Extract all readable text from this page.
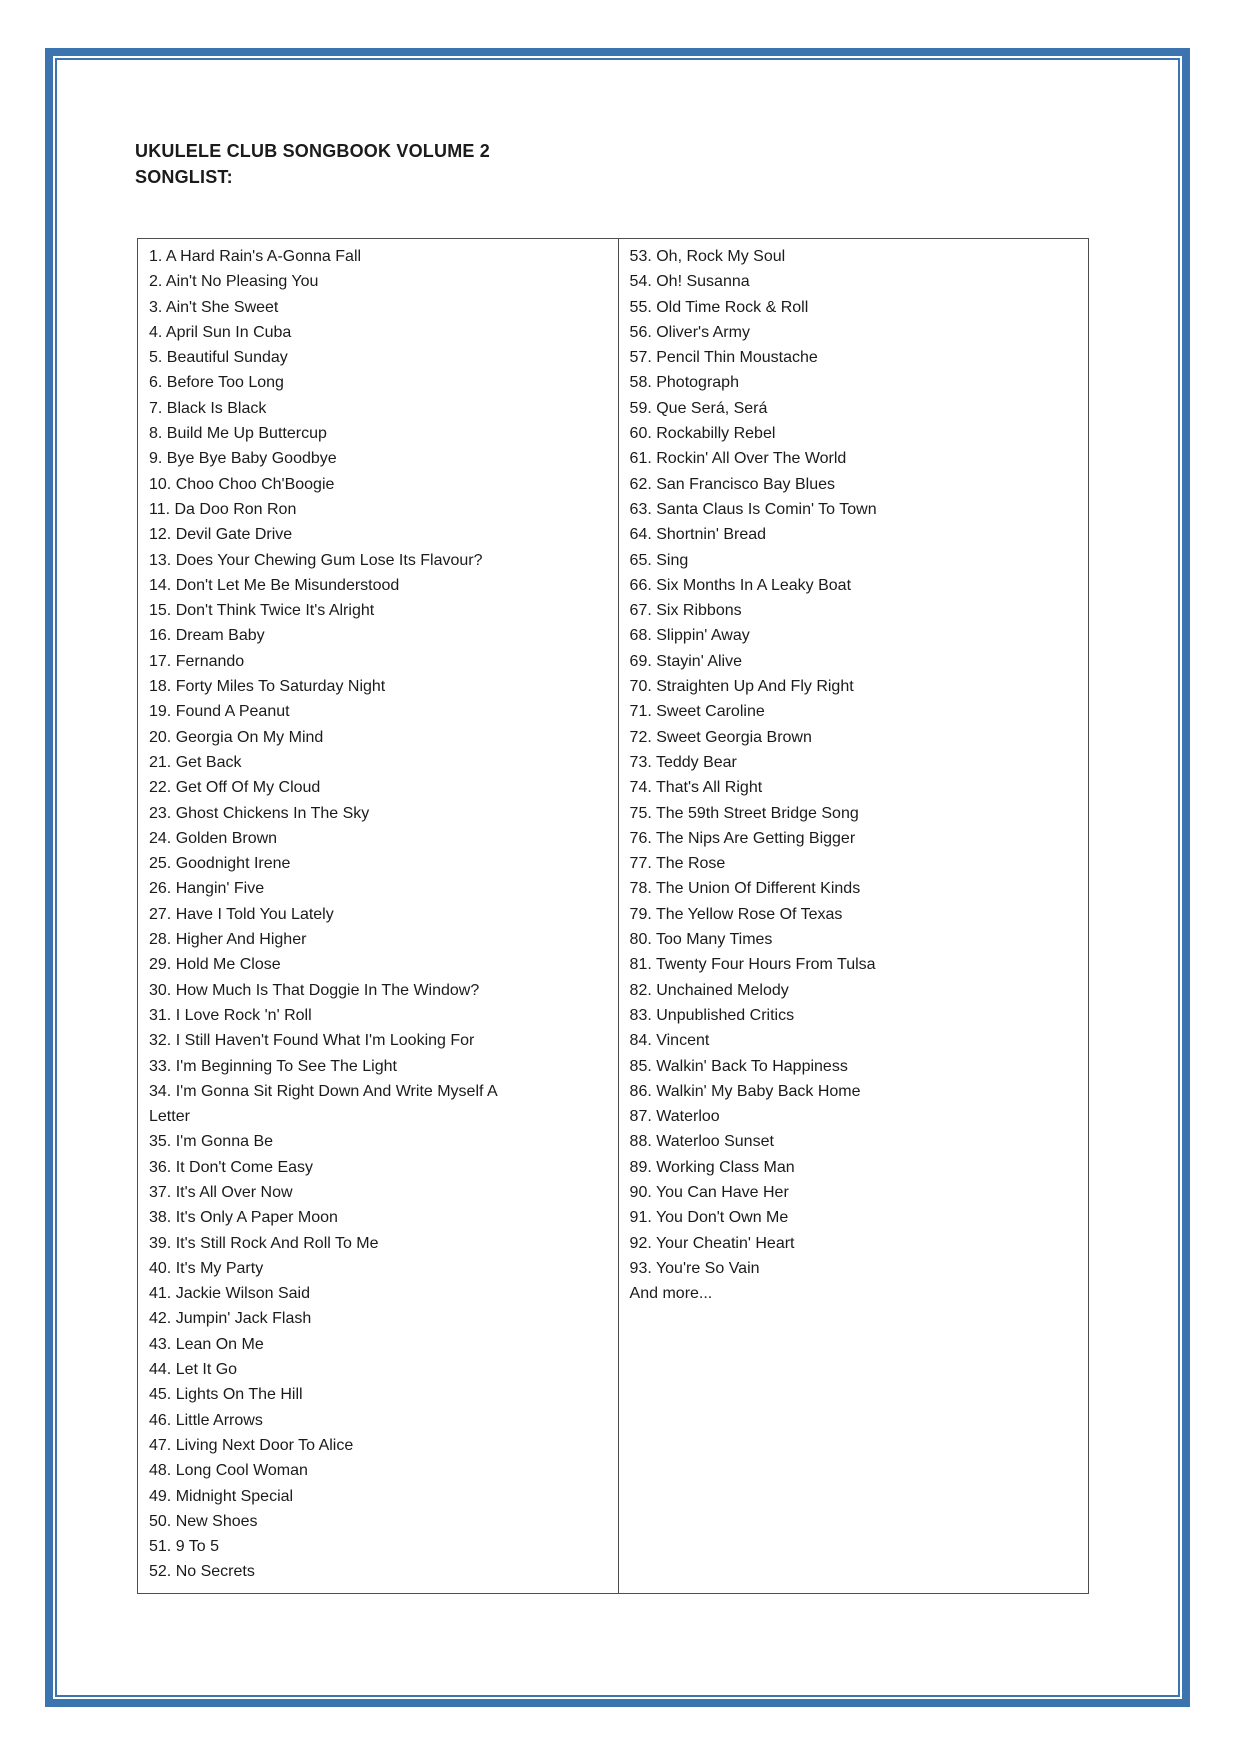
UKULELE CLUB SONGBOOK VOLUME 2
SONGLIST:
1. A Hard Rain's A-Gonna Fall
2. Ain't No Pleasing You
3. Ain't She Sweet
4. April Sun In Cuba
5. Beautiful Sunday
6. Before Too Long
7. Black Is Black
8. Build Me Up Buttercup
9. Bye Bye Baby Goodbye
10. Choo Choo Ch'Boogie
11. Da Doo Ron Ron
12. Devil Gate Drive
13. Does Your Chewing Gum Lose Its Flavour?
14. Don't Let Me Be Misunderstood
15. Don't Think Twice It's Alright
16. Dream Baby
17. Fernando
18. Forty Miles To Saturday Night
19. Found A Peanut
20. Georgia On My Mind
21. Get Back
22. Get Off Of My Cloud
23. Ghost Chickens In The Sky
24. Golden Brown
25. Goodnight Irene
26. Hangin' Five
27. Have I Told You Lately
28. Higher And Higher
29. Hold Me Close
30. How Much Is That Doggie In The Window?
31. I Love Rock 'n' Roll
32. I Still Haven't Found What I'm Looking For
33. I'm Beginning To See The Light
34. I'm Gonna Sit Right Down And Write Myself A Letter
35. I'm Gonna Be
36. It Don't Come Easy
37. It's All Over Now
38. It's Only A Paper Moon
39. It's Still Rock And Roll To Me
40. It's My Party
41. Jackie Wilson Said
42. Jumpin' Jack Flash
43. Lean On Me
44. Let It Go
45. Lights On The Hill
46. Little Arrows
47. Living Next Door To Alice
48. Long Cool Woman
49. Midnight Special
50. New Shoes
51. 9 To 5
52. No Secrets
53. Oh, Rock My Soul
54. Oh! Susanna
55. Old Time Rock & Roll
56. Oliver's Army
57. Pencil Thin Moustache
58. Photograph
59. Que Será, Será
60. Rockabilly Rebel
61. Rockin' All Over The World
62. San Francisco Bay Blues
63. Santa Claus Is Comin' To Town
64. Shortnin' Bread
65. Sing
66. Six Months In A Leaky Boat
67. Six Ribbons
68. Slippin' Away
69. Stayin' Alive
70. Straighten Up And Fly Right
71. Sweet Caroline
72. Sweet Georgia Brown
73. Teddy Bear
74. That's All Right
75. The 59th Street Bridge Song
76. The Nips Are Getting Bigger
77. The Rose
78. The Union Of Different Kinds
79. The Yellow Rose Of Texas
80. Too Many Times
81. Twenty Four Hours From Tulsa
82. Unchained Melody
83. Unpublished Critics
84. Vincent
85. Walkin' Back To Happiness
86. Walkin' My Baby Back Home
87. Waterloo
88. Waterloo Sunset
89. Working Class Man
90. You Can Have Her
91. You Don't Own Me
92. Your Cheatin' Heart
93. You're So Vain
And more...
